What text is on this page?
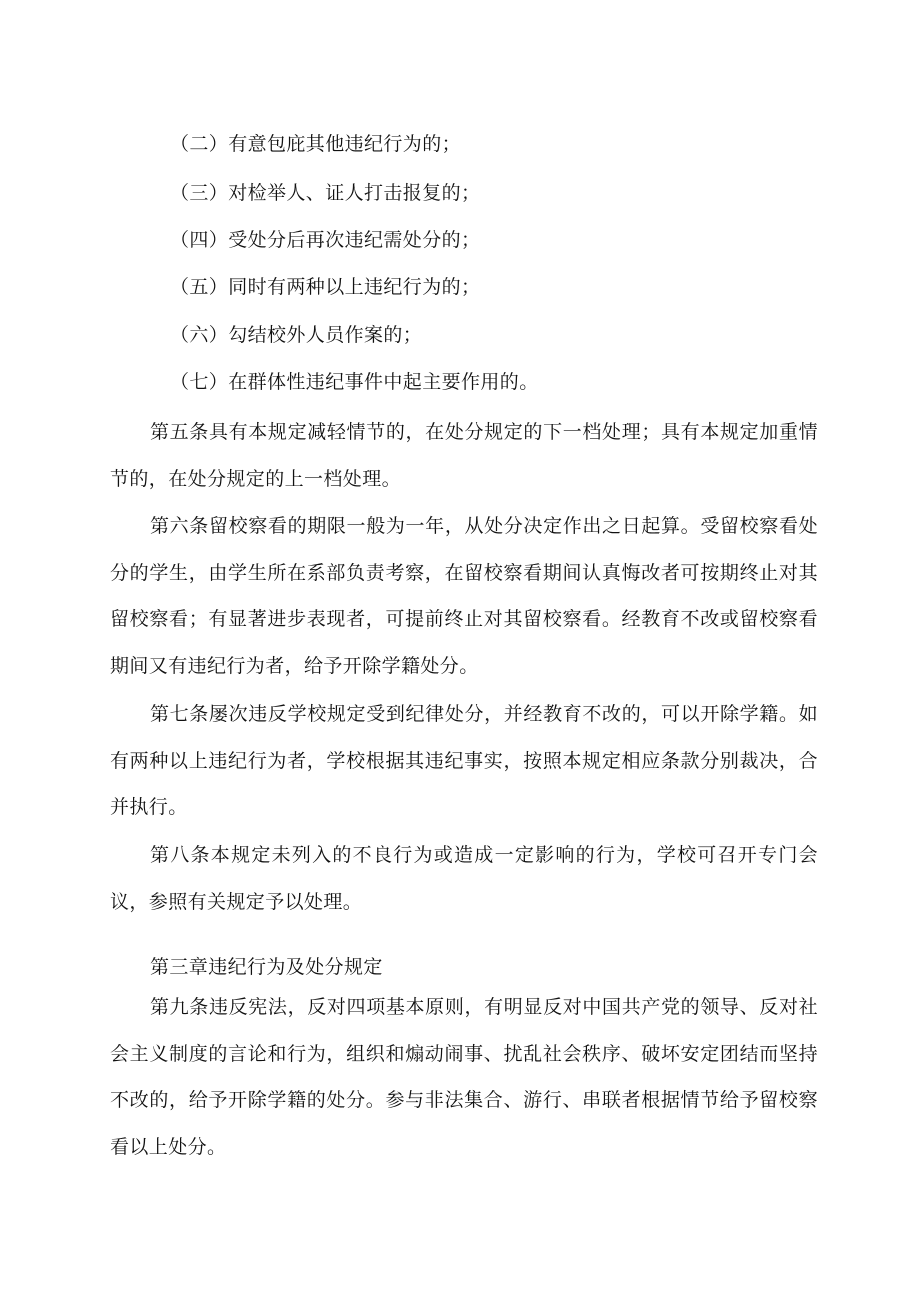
（二）有意包庇其他违纪行为的；
（三）对检举人、证人打击报复的；
（四）受处分后再次违纪需处分的；
（五）同时有两种以上违纪行为的；
（六）勾结校外人员作案的；
（七）在群体性违纪事件中起主要作用的。
第五条具有本规定减轻情节的，在处分规定的下一档处理；具有本规定加重情节的，在处分规定的上一档处理。
第六条留校察看的期限一般为一年，从处分决定作出之日起算。受留校察看处分的学生，由学生所在系部负责考察，在留校察看期间认真悔改者可按期终止对其留校察看；有显著进步表现者，可提前终止对其留校察看。经教育不改或留校察看期间又有违纪行为者，给予开除学籍处分。
第七条屡次违反学校规定受到纪律处分，并经教育不改的，可以开除学籍。如有两种以上违纪行为者，学校根据其违纪事实，按照本规定相应条款分别裁决，合并执行。
第八条本规定未列入的不良行为或造成一定影响的行为，学校可召开专门会议，参照有关规定予以处理。
第三章违纪行为及处分规定
第九条违反宪法，反对四项基本原则，有明显反对中国共产党的领导、反对社会主义制度的言论和行为，组织和煽动闹事、扰乱社会秩序、破坏安定团结而坚持不改的，给予开除学籍的处分。参与非法集合、游行、串联者根据情节给予留校察看以上处分。
